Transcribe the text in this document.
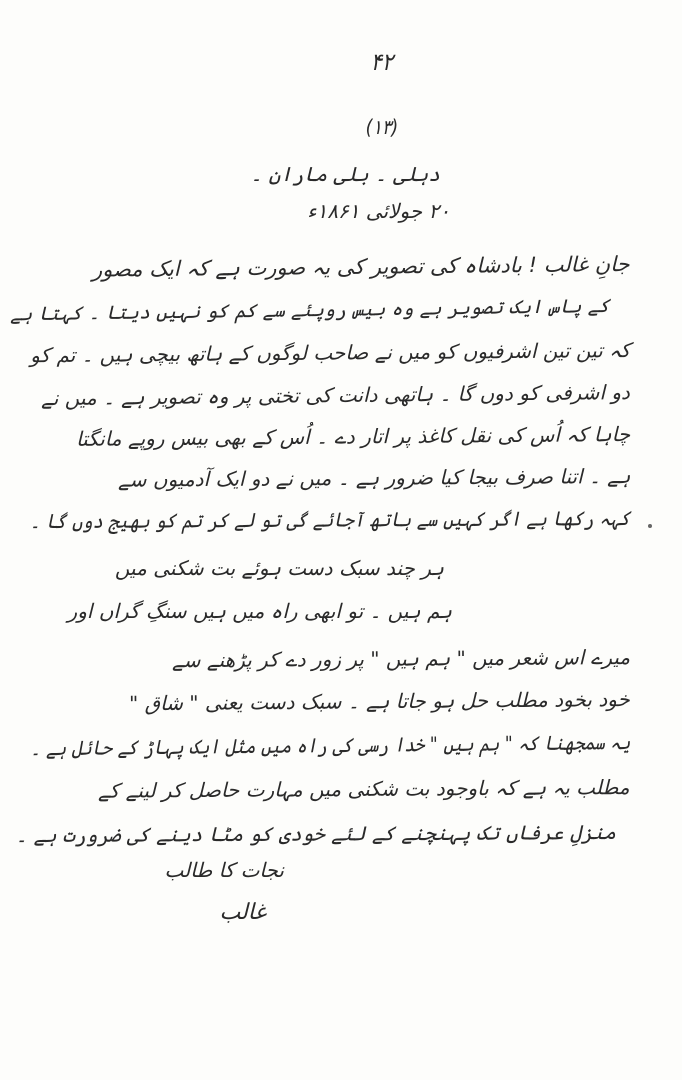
۴۲
(۱۳)
دہلی ۔ بلی ماران ۔
۲۰ جولائی ۱۸۶۱ء
جانِ غالب ! بادشاہ کی تصویر کی یہ صورت ہے کہ ایک مصور
کے پاس ایک تصویر ہے وہ بیس روپئے سے کم کو نہیں دیتا ۔ کہتا ہے
کہ تین تین اشرفیوں کو میں نے صاحب لوگوں کے ہاتھ بیچی ہیں ۔ تم کو
دو اشرفی کو دوں گا ۔ ہاتھی دانت کی تختی پر وہ تصویر ہے ۔ میں نے
چاہا کہ اُس کی نقل کاغذ پر اتار دے ۔ اُس کے بھی بیس روپے مانگتا
ہے ۔ اتنا صرف بیجا کیا ضرور ہے ۔ میں نے دو ایک آدمیوں سے
کہہ رکھا ہے اگر کہیں سے ہاتھ آجائے گی تو لے کر تم کو بھیج دوں گا ۔
ہر چند سبک دست ہوئے بت شکنی میں
ہم ہیں ۔ تو ابھی راہ میں ہیں سنگِ گراں اور
میرے اس شعر میں " ہم ہیں " پر زور دے کر پڑھنے سے
خود بخود مطلب حل ہو جاتا ہے ۔ سبک دست یعنی " شاق "
یہ سمجھنا کہ " ہم ہیں " خدا رسی کی راہ میں مثل ایک پہاڑ کے حائل ہے ۔
مطلب یہ ہے کہ باوجود بت شکنی میں مہارت حاصل کر لینے کے
منزلِ عرفاں تک پہنچنے کے لئے خودی کو مٹا دینے کی ضرورت ہے ۔
نجات کا طالب
غالب
